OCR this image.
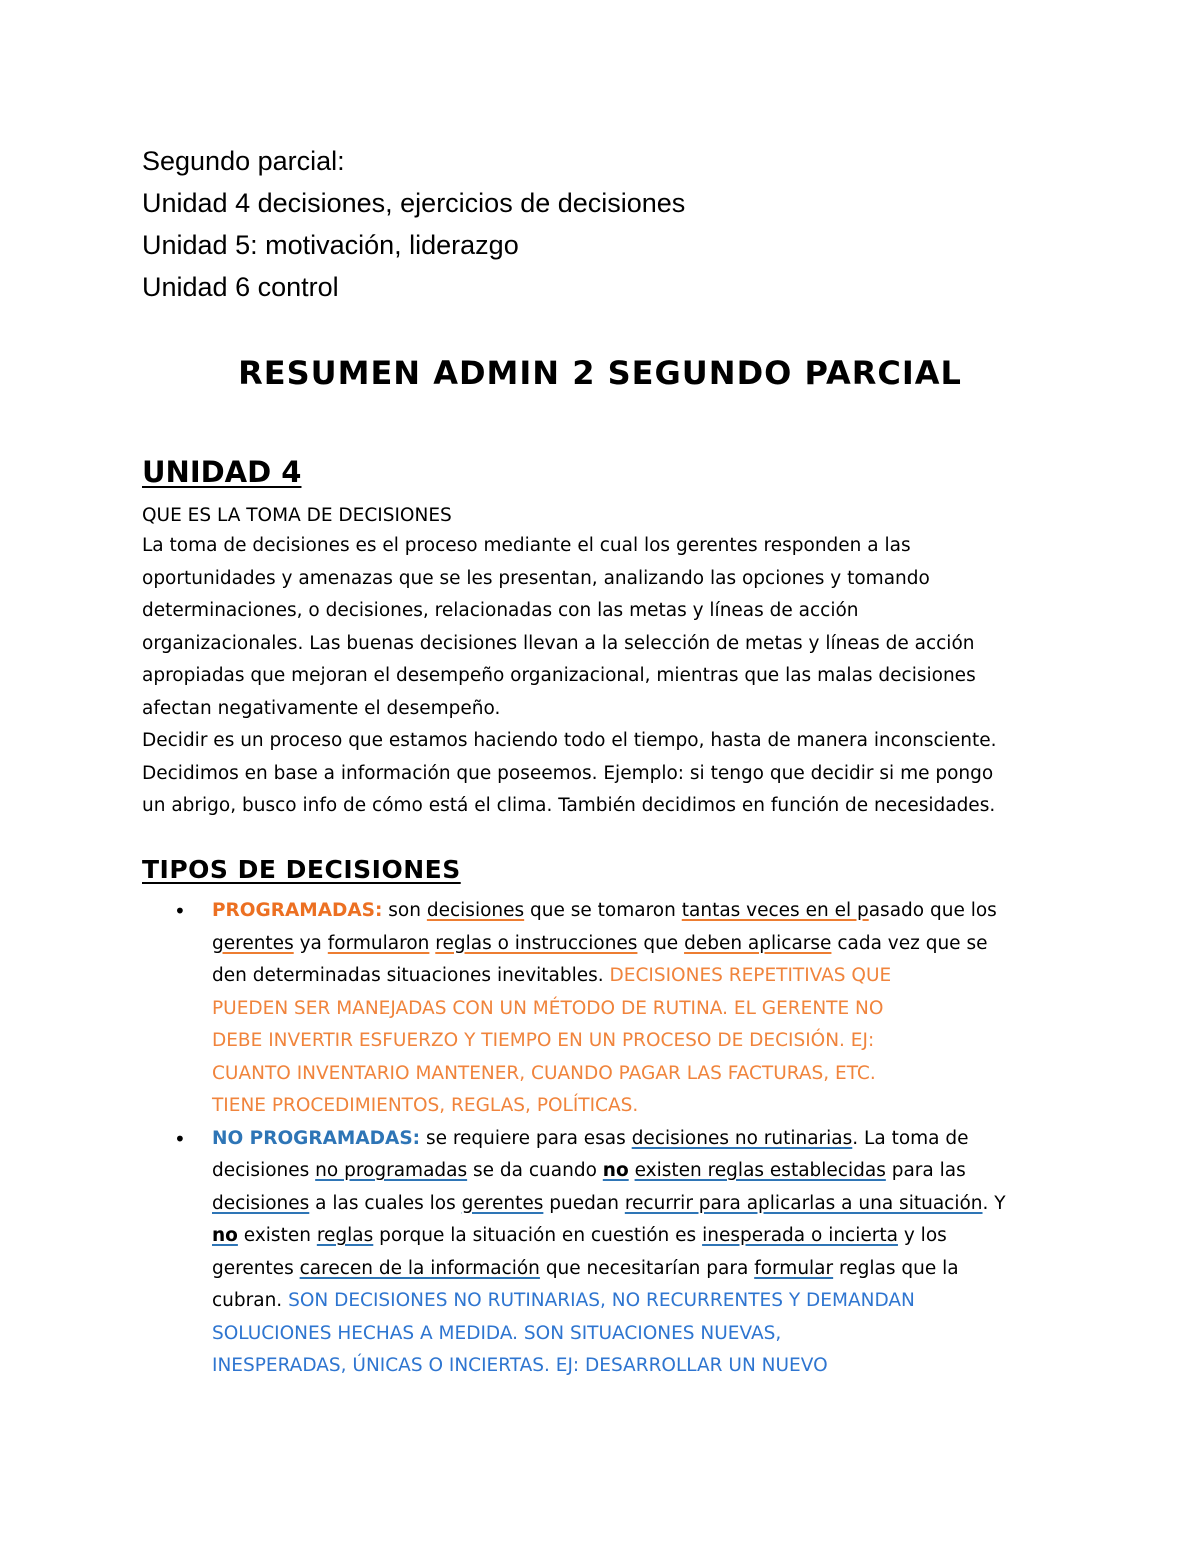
Segundo parcial:
Unidad 4 decisiones, ejercicios de decisiones
Unidad 5: motivación, liderazgo
Unidad 6 control
RESUMEN ADMIN 2 SEGUNDO PARCIAL
UNIDAD 4
QUE ES LA TOMA DE DECISIONES
La toma de decisiones es el proceso mediante el cual los gerentes responden a las
oportunidades y amenazas que se les presentan, analizando las opciones y tomando
determinaciones, o decisiones, relacionadas con las metas y líneas de acción
organizacionales. Las buenas decisiones llevan a la selección de metas y líneas de acción
apropiadas que mejoran el desempeño organizacional, mientras que las malas decisiones
afectan negativamente el desempeño.
Decidir es un proceso que estamos haciendo todo el tiempo, hasta de manera inconsciente.
Decidimos en base a información que poseemos. Ejemplo: si tengo que decidir si me pongo
un abrigo, busco info de cómo está el clima. También decidimos en función de necesidades.
TIPOS DE DECISIONES
• PROGRAMADAS: son decisiones que se tomaron tantas veces en el pasado que los
gerentes ya formularon reglas o instrucciones que deben aplicarse cada vez que se
den determinadas situaciones inevitables. DECISIONES REPETITIVAS QUE
PUEDEN SER MANEJADAS CON UN MÉTODO DE RUTINA. EL GERENTE NO
DEBE INVERTIR ESFUERZO Y TIEMPO EN UN PROCESO DE DECISIÓN. EJ:
CUANTO INVENTARIO MANTENER, CUANDO PAGAR LAS FACTURAS, ETC.
TIENE PROCEDIMIENTOS, REGLAS, POLÍTICAS.
• NO PROGRAMADAS: se requiere para esas decisiones no rutinarias. La toma de
decisiones no programadas se da cuando no existen reglas establecidas para las
decisiones a las cuales los gerentes puedan recurrir para aplicarlas a una situación. Y
no existen reglas porque la situación en cuestión es inesperada o incierta y los
gerentes carecen de la información que necesitarían para formular reglas que la
cubran. SON DECISIONES NO RUTINARIAS, NO RECURRENTES Y DEMANDAN
SOLUCIONES HECHAS A MEDIDA. SON SITUACIONES NUEVAS,
INESPERADAS, ÚNICAS O INCIERTAS. EJ: DESARROLLAR UN NUEVO
